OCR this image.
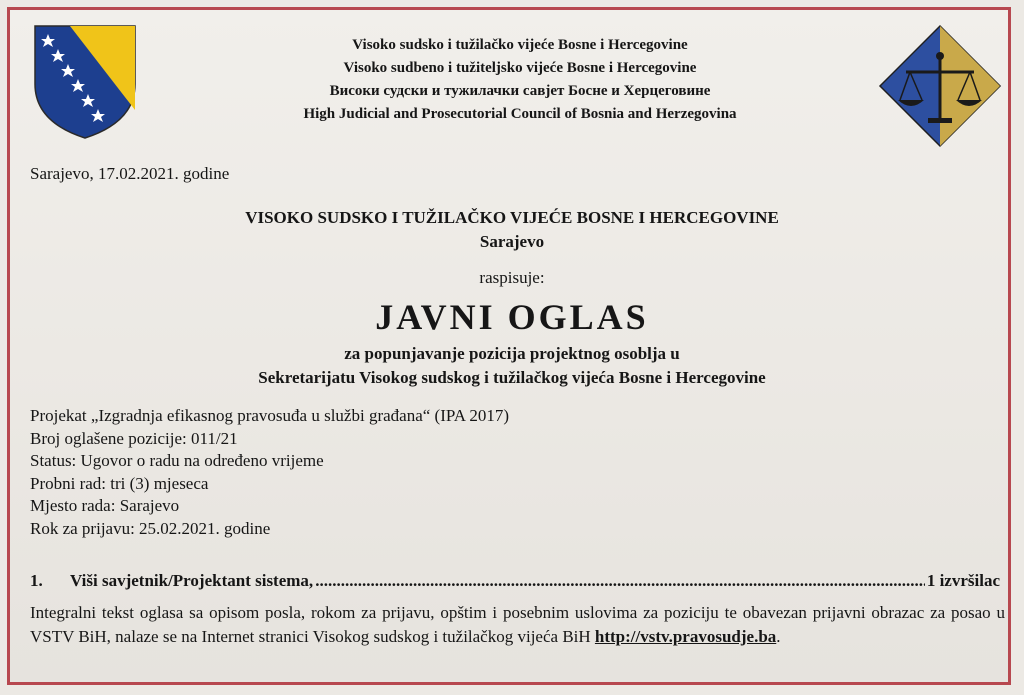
Visoko sudsko i tužilačko vijeće Bosne i Hercegovine
Visoko sudbeno i tužiteljsko vijeće Bosne i Hercegovine
Високи судски и тужилачки савјет Босне и Херцеговине
High Judicial and Prosecutorial Council of Bosnia and Herzegovina
Sarajevo, 17.02.2021. godine
VISOKO SUDSKO I TUŽILAČKO VIJEĆE BOSNE I HERCEGOVINE
Sarajevo
raspisuje:
JAVNI OGLAS
za popunjavanje pozicija projektnog osoblja u
Sekretarijatu Visokog sudskog i tužilačkog vijeća Bosne i Hercegovine
Projekat „Izgradnja efikasnog pravosuđa u službi građana“ (IPA 2017)
Broj oglašene pozicije: 011/21
Status: Ugovor o radu na određeno vrijeme
Probni rad: tri (3) mjeseca
Mjesto rada: Sarajevo
Rok za prijavu: 25.02.2021. godine
1.	Viši savjetnik/Projektant sistema,
.....	1 izvršilac
Integralni tekst oglasa sa opisom posla, rokom za prijavu, opštim i posebnim uslovima za poziciju te obavezan prijavni obrazac za posao u VSTV BiH, nalaze se na Internet stranici Visokog sudskog i tužilačkog vijeća BiH http://vstv.pravosudje.ba.
